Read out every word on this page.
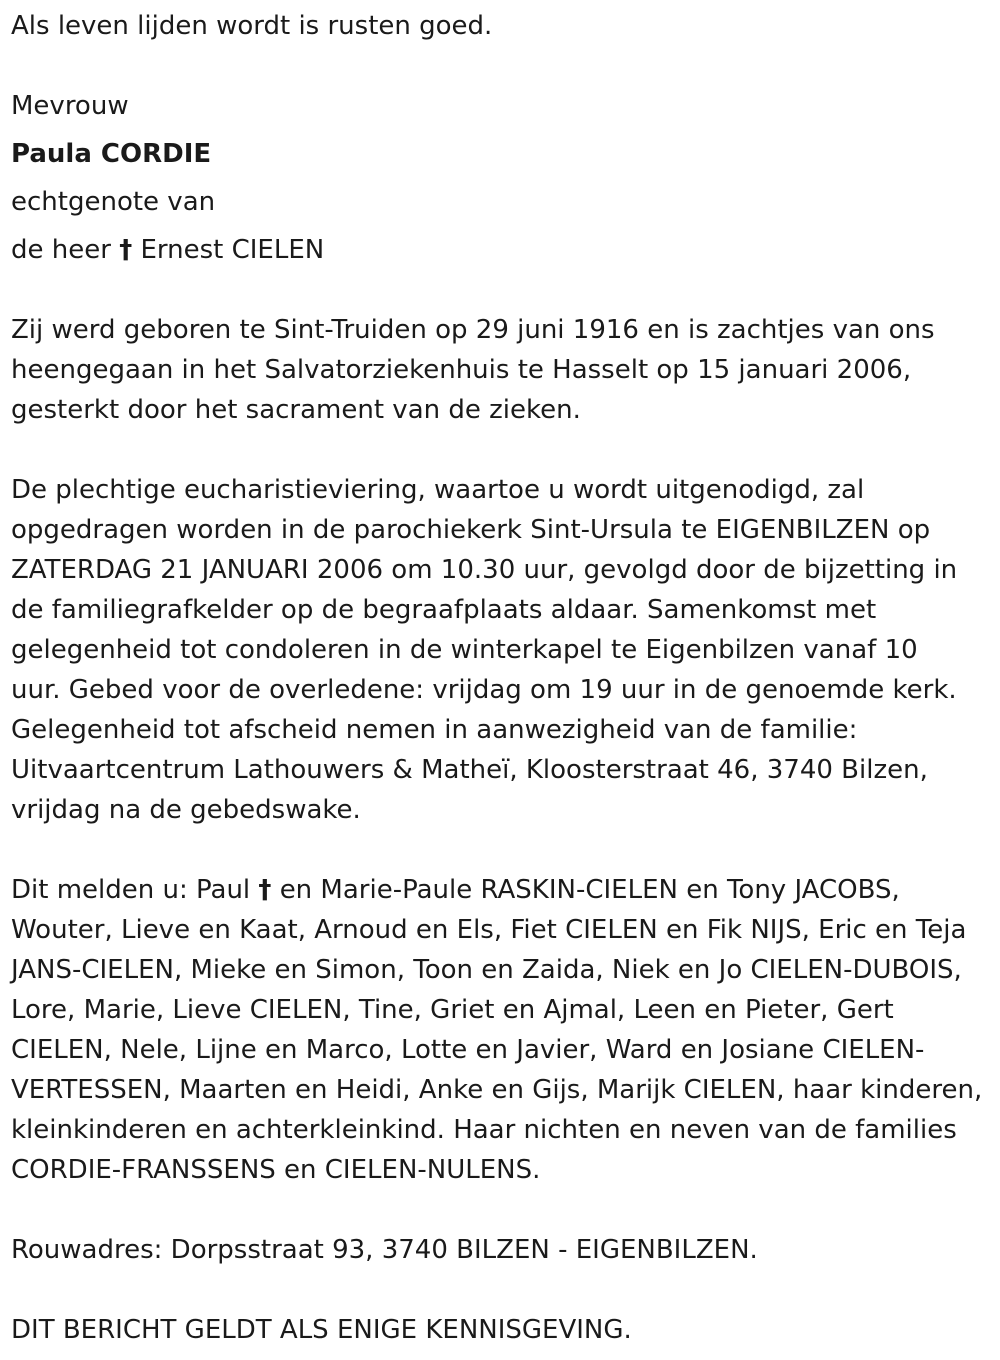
Als leven lijden wordt is rusten goed.
Mevrouw
Paula CORDIE
echtgenote van
de heer † Ernest CIELEN
Zij werd geboren te Sint-Truiden op 29 juni 1916 en is zachtjes van ons
heengegaan in het Salvatorziekenhuis te Hasselt op 15 januari 2006,
gesterkt door het sacrament van de zieken.
De plechtige eucharistieviering, waartoe u wordt uitgenodigd, zal
opgedragen worden in de parochiekerk Sint-Ursula te EIGENBILZEN op
ZATERDAG 21 JANUARI 2006 om 10.30 uur, gevolgd door de bijzetting in
de familiegrafkelder op de begraafplaats aldaar. Samenkomst met
gelegenheid tot condoleren in de winterkapel te Eigenbilzen vanaf 10
uur. Gebed voor de overledene: vrijdag om 19 uur in de genoemde kerk.
Gelegenheid tot afscheid nemen in aanwezigheid van de familie:
Uitvaartcentrum Lathouwers & Matheï, Kloosterstraat 46, 3740 Bilzen,
vrijdag na de gebedswake.
Dit melden u: Paul † en Marie-Paule RASKIN-CIELEN en Tony JACOBS,
Wouter, Lieve en Kaat, Arnoud en Els, Fiet CIELEN en Fik NIJS, Eric en Teja
JANS-CIELEN, Mieke en Simon, Toon en Zaida, Niek en Jo CIELEN-DUBOIS,
Lore, Marie, Lieve CIELEN, Tine, Griet en Ajmal, Leen en Pieter, Gert
CIELEN, Nele, Lijne en Marco, Lotte en Javier, Ward en Josiane CIELEN-
VERTESSEN, Maarten en Heidi, Anke en Gijs, Marijk CIELEN, haar kinderen,
kleinkinderen en achterkleinkind. Haar nichten en neven van de families
CORDIE-FRANSSENS en CIELEN-NULENS.
Rouwadres: Dorpsstraat 93, 3740 BILZEN - EIGENBILZEN.
DIT BERICHT GELDT ALS ENIGE KENNISGEVING.
